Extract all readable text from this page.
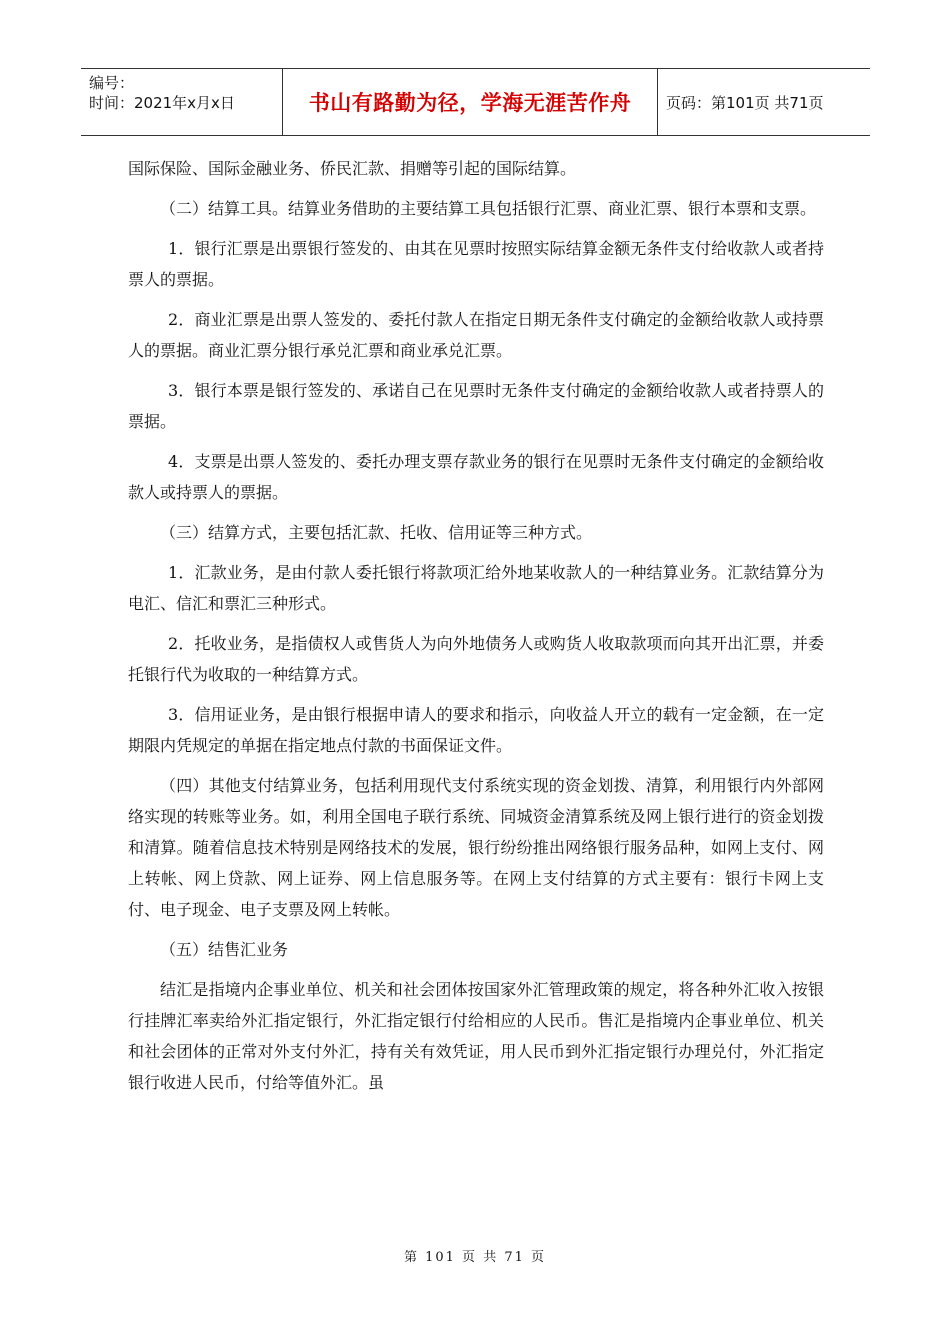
编号：
时间：2021年x月x日	书山有路勤为径，学海无涯苦作舟	页码：第101页 共71页

国际保险、国际金融业务、侨民汇款、捐赠等引起的国际结算。

（二）结算工具。结算业务借助的主要结算工具包括银行汇票、商业汇票、银行本票和支票。

1．银行汇票是出票银行签发的、由其在见票时按照实际结算金额无条件支付给收款人或者持票人的票据。

2．商业汇票是出票人签发的、委托付款人在指定日期无条件支付确定的金额给收款人或持票人的票据。商业汇票分银行承兑汇票和商业承兑汇票。

3．银行本票是银行签发的、承诺自己在见票时无条件支付确定的金额给收款人或者持票人的票据。

4．支票是出票人签发的、委托办理支票存款业务的银行在见票时无条件支付确定的金额给收款人或持票人的票据。

（三）结算方式，主要包括汇款、托收、信用证等三种方式。

1．汇款业务，是由付款人委托银行将款项汇给外地某收款人的一种结算业务。汇款结算分为电汇、信汇和票汇三种形式。

2．托收业务，是指债权人或售货人为向外地债务人或购货人收取款项而向其开出汇票，并委托银行代为收取的一种结算方式。

3．信用证业务，是由银行根据申请人的要求和指示，向收益人开立的载有一定金额，在一定期限内凭规定的单据在指定地点付款的书面保证文件。

（四）其他支付结算业务，包括利用现代支付系统实现的资金划拨、清算，利用银行内外部网络实现的转账等业务。如，利用全国电子联行系统、同城资金清算系统及网上银行进行的资金划拨和清算。随着信息技术特别是网络技术的发展，银行纷纷推出网络银行服务品种，如网上支付、网上转帐、网上贷款、网上证券、网上信息服务等。在网上支付结算的方式主要有：银行卡网上支付、电子现金、电子支票及网上转帐。

（五）结售汇业务

结汇是指境内企事业单位、机关和社会团体按国家外汇管理政策的规定，将各种外汇收入按银行挂牌汇率卖给外汇指定银行，外汇指定银行付给相应的人民币。售汇是指境内企事业单位、机关和社会团体的正常对外支付外汇，持有关有效凭证，用人民币到外汇指定银行办理兑付，外汇指定银行收进人民币，付给等值外汇。虽

第 101 页 共 71 页
